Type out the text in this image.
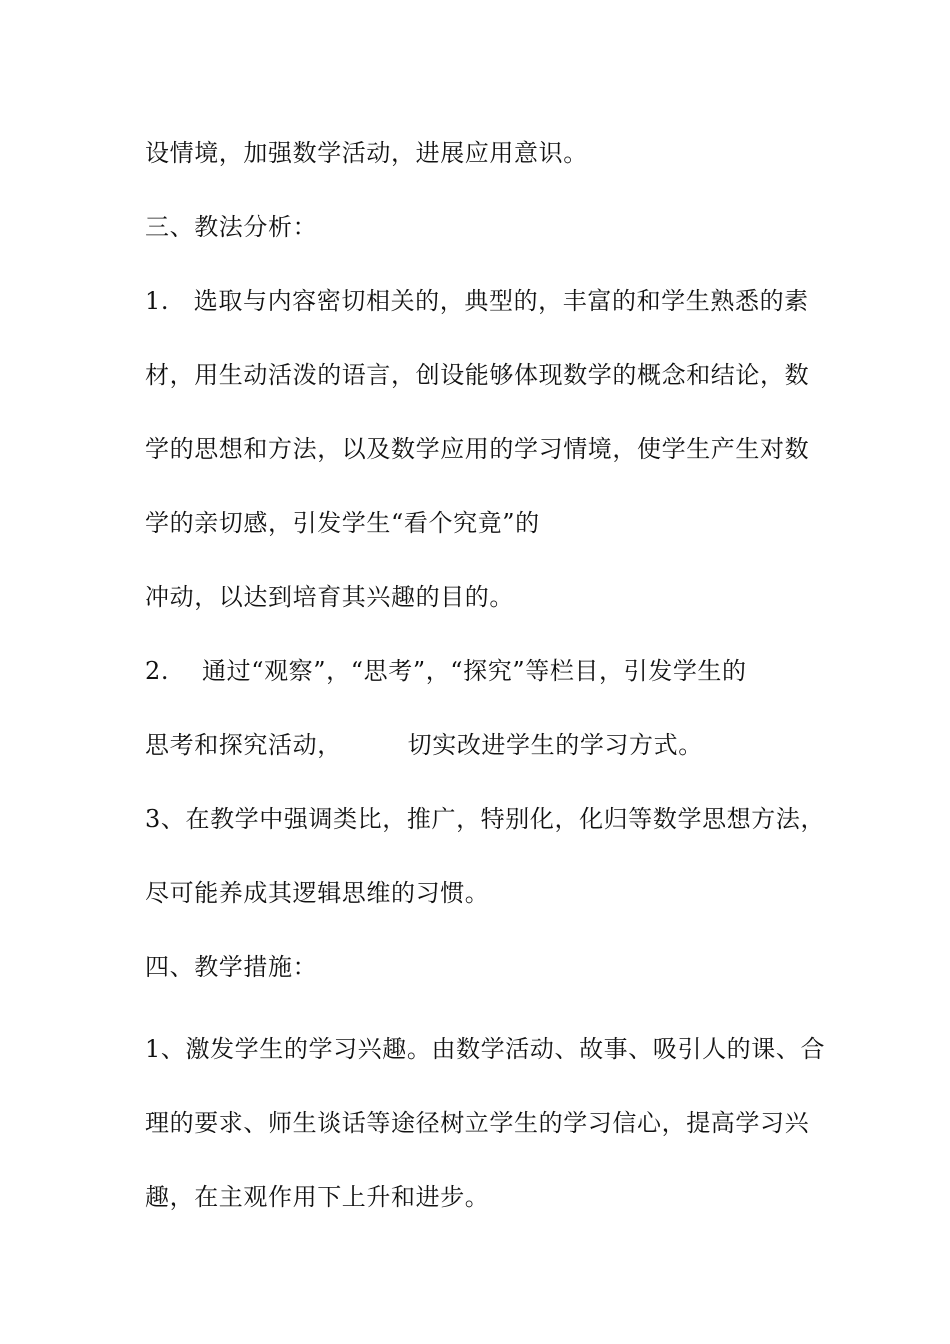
设情境，加强数学活动，进展应用意识。

三、教法分析：

1.   选取与内容密切相关的，典型的，丰富的和学生熟悉的素

材，用生动活泼的语言，创设能够体现数学的概念和结论，数

学的思想和方法，以及数学应用的学习情境，使学生产生对数

学的亲切感，引发学生“看个究竟”的

冲动，以达到培育其兴趣的目的。

2.    通过“观察”，“思考”，“探究”等栏目，引发学生的

思考和探究活动，        切实改进学生的学习方式。

3、在教学中强调类比，推广，特别化，化归等数学思想方法，

尽可能养成其逻辑思维的习惯。

四、教学措施：

1、激发学生的学习兴趣。由数学活动、故事、吸引人的课、合

理的要求、师生谈话等途径树立学生的学习信心，提高学习兴

趣，在主观作用下上升和进步。
